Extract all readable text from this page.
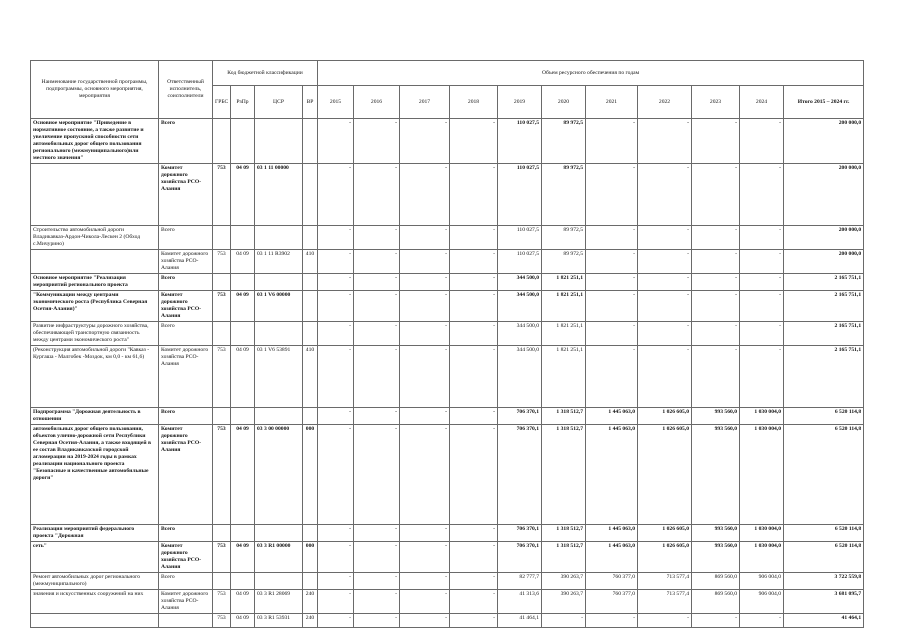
Наименование государственной программы, подпрограммы, основного мероприятия, мероприятия	Ответственный исполнитель, соисполнители	Код бюджетной классификации				Объем ресурсного обеспечения по годам										
		ГРБС	РзПр	ЦСР	ВР	2015	2016	2017	2018	2019	2020	2021	2022	2023	2024	Итого 2015 – 2024 гг.
Основное мероприятие "Приведение в нормативное состояние, а также развитие и увеличение пропускной способности сети автомобильных дорог общего пользования регионального (межмуниципального)или местного значения"	Всего					-	-	-	-	110 027,5	89 972,5	-	-	-	-	200 000,0
	Комитет дорожного хозяйства РСО-Алания	753	04 09	03 1 11 00000		-	-	-	-	110 027,5	89 972,5	-	-	-	-	200 000,0
Строительство автомобильной дороги Владикавказ-Ардон-Чикола-Лескен 2 (Обход с.Мичурино)	Всего					-	-	-	-	110 027,5	89 972,5	-	-	-	-	200 000,0
	Комитет дорожного хозяйства РСО-Алания	753	04 09	03 1 11 R3902	410	-	-	-	-	110 027,5	89 972,5	-	-	-	-	200 000,0
Основное мероприятие "Реализация мероприятий регионального проекта	Всего					-	-	-	-	344 500,0	1 821 251,1	-	-	-	-	2 165 751,1
"Коммуникации между центрами экономического роста (Республика Северная Осетия-Алания)"	Комитет дорожного хозяйства РСО-Алания	753	04 09	03 1 V6 00000		-	-	-	-	344 500,0	1 821 251,1	-	-	-	-	2 165 751,1
Развитие инфраструктуры дорожного хозяйства, обеспечивающей транспортную связанность между центрами экономического роста"	Всего					-	-	-	-	344 500,0	1 821 251,1	-	-	-	-	2 165 751,1
(Реконструкция автомобильной дороги "Кавказ - Кургаша - Малгобек -Моздок, км 0,0 - км 61,6)	Комитет дорожного хозяйства РСО-Алания	753	04 09	03 1 V6 53891	410	-	-	-	-	344 500,0	1 821 251,1	-	-	-	-	2 165 751,1
Подпрограмма "Дорожная деятельность в отношении	Всего					-	-	-	-	706 370,1	1 318 512,7	1 445 063,0	1 026 605,0	993 560,0	1 030 004,0	6 520 114,8
автомобильных дорог общего пользования, объектов улично-дорожной сети Республики Северная Осетия-Алания, а также входящей в ее состав Владикавказской городской агломерации на 2019-2024 годы в рамках реализации национального проекта "Безопасные и качественные автомобильные дороги"	Комитет дорожного хозяйства РСО-Алания	753	04 09	03 3 00 00000	000	-	-	-	-	706 370,1	1 318 512,7	1 445 063,0	1 026 605,0	993 560,0	1 030 004,0	6 520 114,8
Реализация мероприятий федерального проекта "Дорожная	Всего					-	-	-	-	706 370,1	1 318 512,7	1 445 063,0	1 026 605,0	993 560,0	1 030 004,0	6 520 114,8
сеть"	Комитет дорожного хозяйства РСО-Алания	753	04 09	03 3 R1 00000	000	-	-	-	-	706 370,1	1 318 512,7	1 445 063,0	1 026 605,0	993 560,0	1 030 004,0	6 520 114,8
Ремонт автомобильных дорог регионального (межмуниципального)	Всего					-	-	-	-	82 777,7	390 263,7	760 377,0	713 577,4	869 560,0	906 004,0	3 722 559,8
значения и искусственных сооружений на них	Комитет дорожного хозяйства РСО-Алания	753	04 09	03 3 R1 28069	240	-	-	-	-	41 313,6	390 263,7	760 377,0	713 577,4	869 560,0	906 004,0	3 681 095,7
		753	04 09	03 3 R1 53931	240	-	-	-	-	41 464,1	-	-	-	-	-	41 464,1
